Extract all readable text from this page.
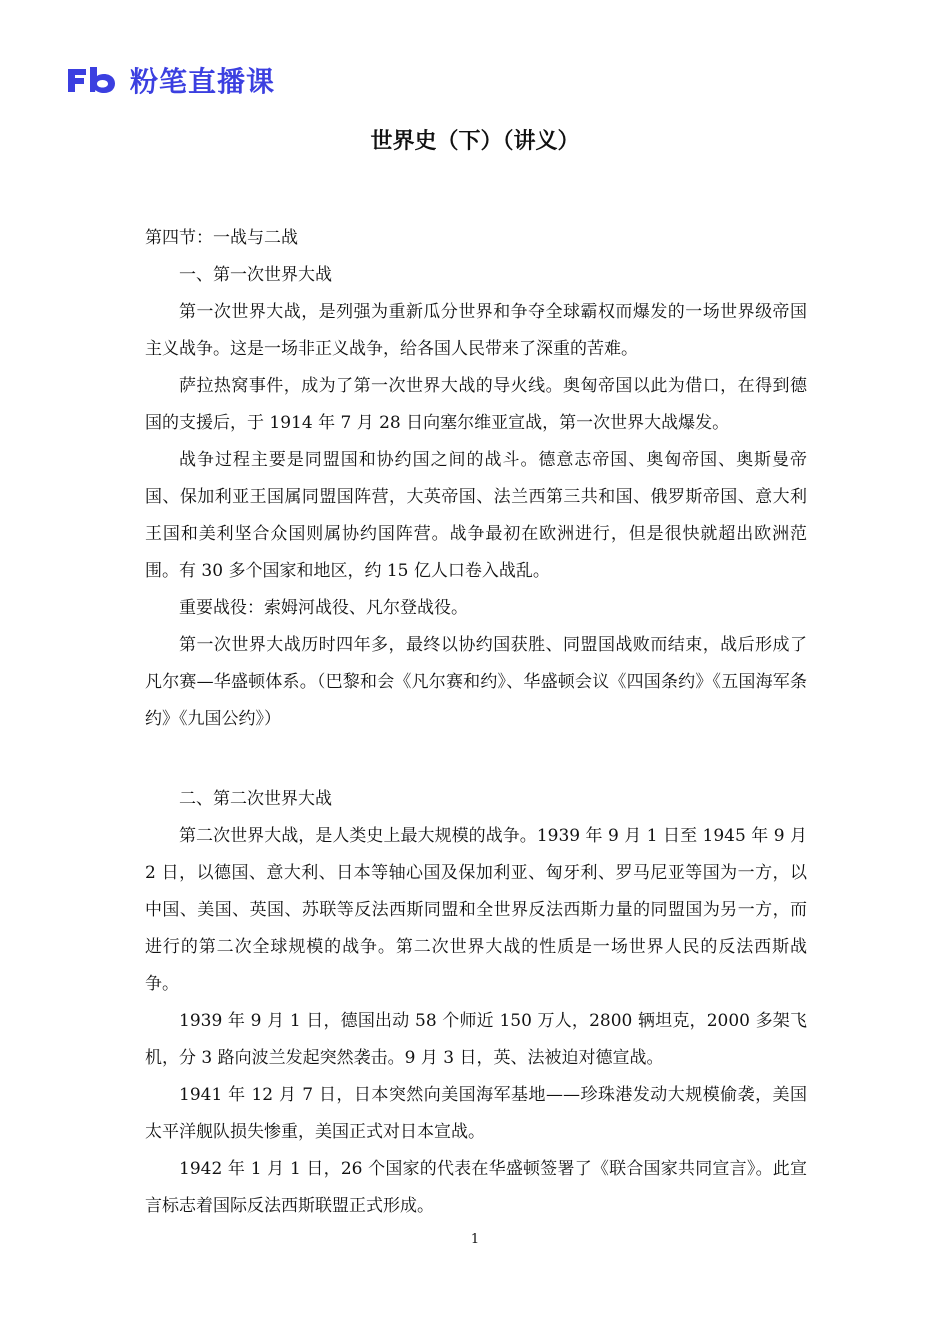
粉笔直播课
世界史（下）（讲义）

第四节：一战与二战

一、第一次世界大战

第一次世界大战，是列强为重新瓜分世界和争夺全球霸权而爆发的一场世界级帝国主义战争。这是一场非正义战争，给各国人民带来了深重的苦难。

萨拉热窝事件，成为了第一次世界大战的导火线。奥匈帝国以此为借口，在得到德国的支援后，于 1914 年 7 月 28 日向塞尔维亚宣战，第一次世界大战爆发。

战争过程主要是同盟国和协约国之间的战斗。德意志帝国、奥匈帝国、奥斯曼帝国、保加利亚王国属同盟国阵营，大英帝国、法兰西第三共和国、俄罗斯帝国、意大利王国和美利坚合众国则属协约国阵营。战争最初在欧洲进行，但是很快就超出欧洲范围。有 30 多个国家和地区，约 15 亿人口卷入战乱。

重要战役：索姆河战役、凡尔登战役。

第一次世界大战历时四年多，最终以协约国获胜、同盟国战败而结束，战后形成了凡尔赛—华盛顿体系。（巴黎和会《凡尔赛和约》、华盛顿会议《四国条约》《五国海军条约》《九国公约》）

二、第二次世界大战

第二次世界大战，是人类史上最大规模的战争。1939 年 9 月 1 日至 1945 年 9 月 2 日，以德国、意大利、日本等轴心国及保加利亚、匈牙利、罗马尼亚等国为一方，以中国、美国、英国、苏联等反法西斯同盟和全世界反法西斯力量的同盟国为另一方，而进行的第二次全球规模的战争。第二次世界大战的性质是一场世界人民的反法西斯战争。

1939 年 9 月 1 日，德国出动 58 个师近 150 万人，2800 辆坦克，2000 多架飞机，分 3 路向波兰发起突然袭击。9 月 3 日，英、法被迫对德宣战。

1941 年 12 月 7 日，日本突然向美国海军基地——珍珠港发动大规模偷袭，美国太平洋舰队损失惨重，美国正式对日本宣战。

1942 年 1 月 1 日，26 个国家的代表在华盛顿签署了《联合国家共同宣言》。此宣言标志着国际反法西斯联盟正式形成。

1
